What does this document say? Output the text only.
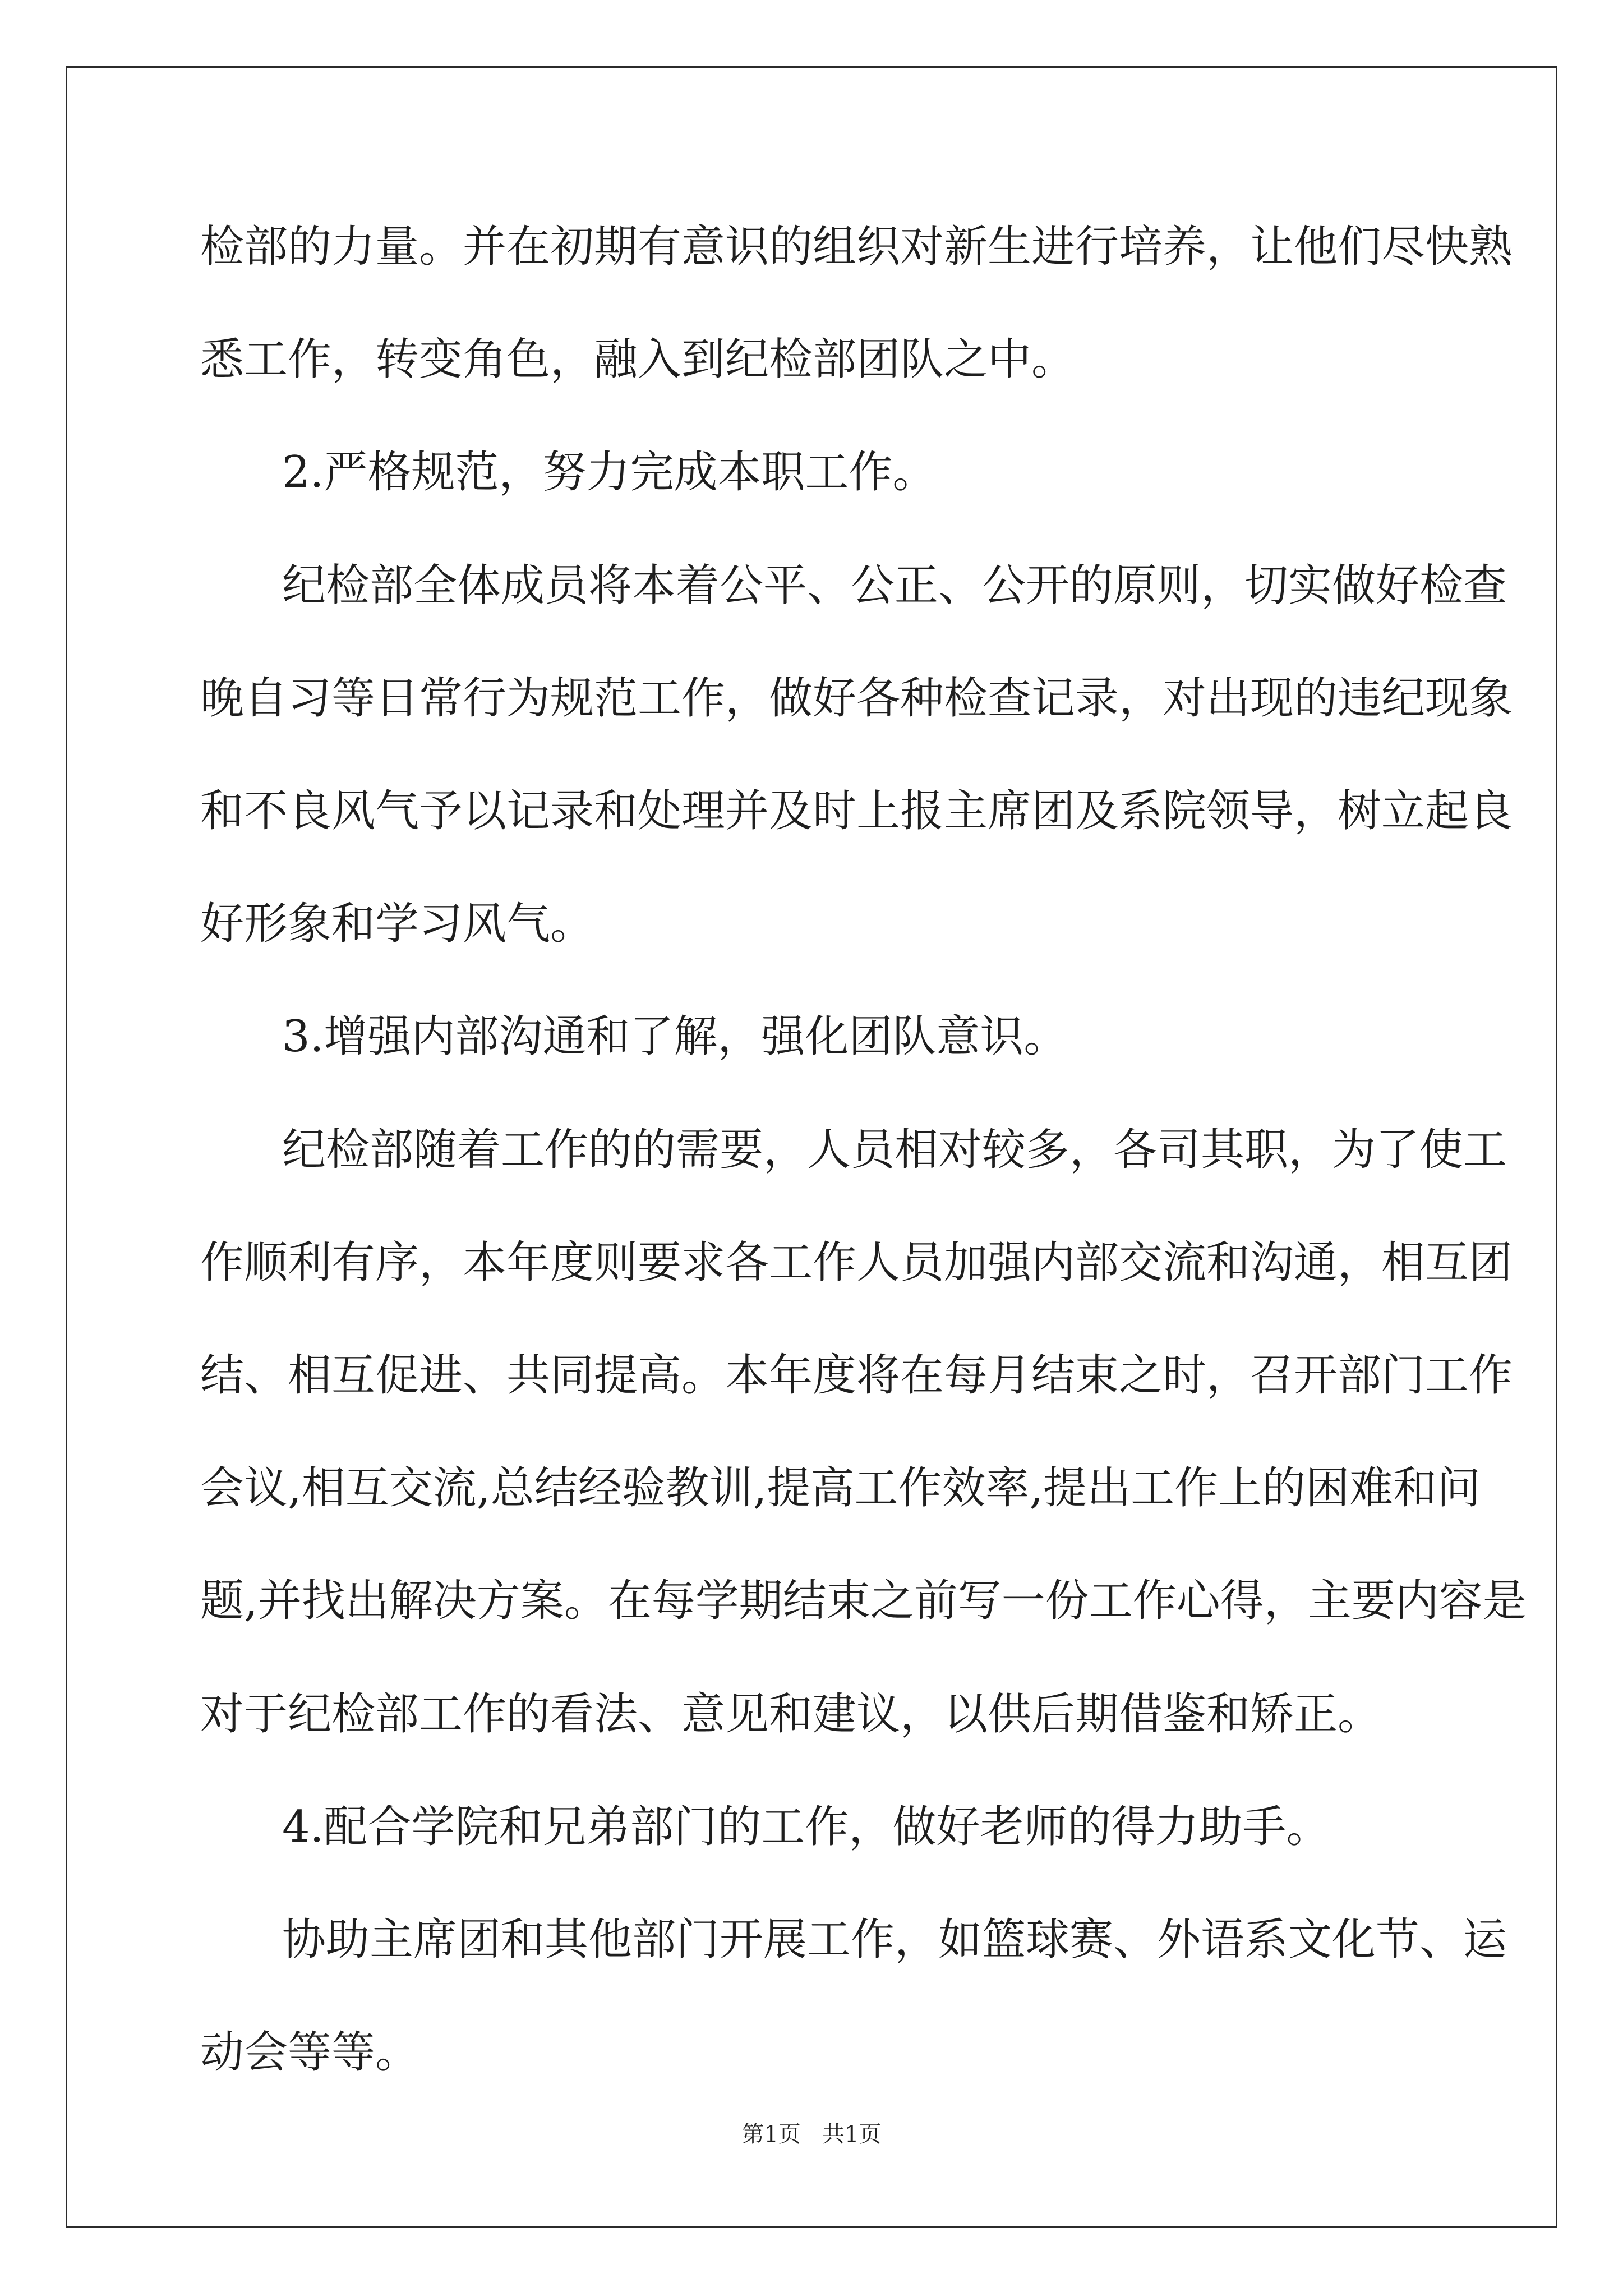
检部的力量。并在初期有意识的组织对新生进行培养，让他们尽快熟
悉工作，转变角色，融入到纪检部团队之中。
2.严格规范，努力完成本职工作。
纪检部全体成员将本着公平、公正、公开的原则，切实做好检查
晚自习等日常行为规范工作，做好各种检查记录，对出现的违纪现象
和不良风气予以记录和处理并及时上报主席团及系院领导，树立起良
好形象和学习风气。
3.增强内部沟通和了解，强化团队意识。
纪检部随着工作的的需要，人员相对较多，各司其职，为了使工
作顺利有序，本年度则要求各工作人员加强内部交流和沟通，相互团
结、相互促进、共同提高。本年度将在每月结束之时，召开部门工作
会议,相互交流,总结经验教训,提高工作效率,提出工作上的困难和问
题,并找出解决方案。在每学期结束之前写一份工作心得，主要内容是
对于纪检部工作的看法、意见和建议，以供后期借鉴和矫正。
4.配合学院和兄弟部门的工作，做好老师的得力助手。
协助主席团和其他部门开展工作，如篮球赛、外语系文化节、运
动会等等。
第1页   共1页
